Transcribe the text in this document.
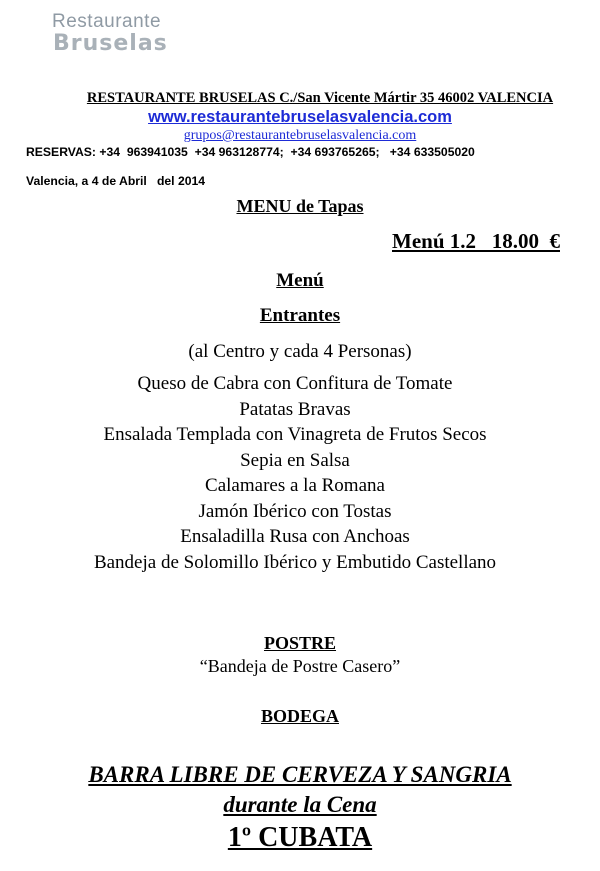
Restaurante
Bruselas
RESTAURANTE BRUSELAS C./San Vicente Mártir 35 46002 VALENCIA
www.restaurantebruselasvalencia.com
grupos@restaurantebruselasvalencia.com
RESERVAS: +34  963941035  +34 963128774;  +34 693765265;   +34 633505020
Valencia, a 4 de Abril   del 2014
MENU de Tapas
Menú 1.2   18.00  €
Menú
Entrantes
(al Centro y cada 4 Personas)
Queso de Cabra con Confitura de Tomate
Patatas Bravas
Ensalada Templada con Vinagreta de Frutos Secos
Sepia en Salsa
Calamares a la Romana
Jamón Ibérico con Tostas
Ensaladilla Rusa con Anchoas
Bandeja de Solomillo Ibérico y Embutido Castellano
POSTRE
“Bandeja de Postre Casero”
BODEGA
BARRA LIBRE DE CERVEZA Y SANGRIA
durante la Cena
1º CUBATA
